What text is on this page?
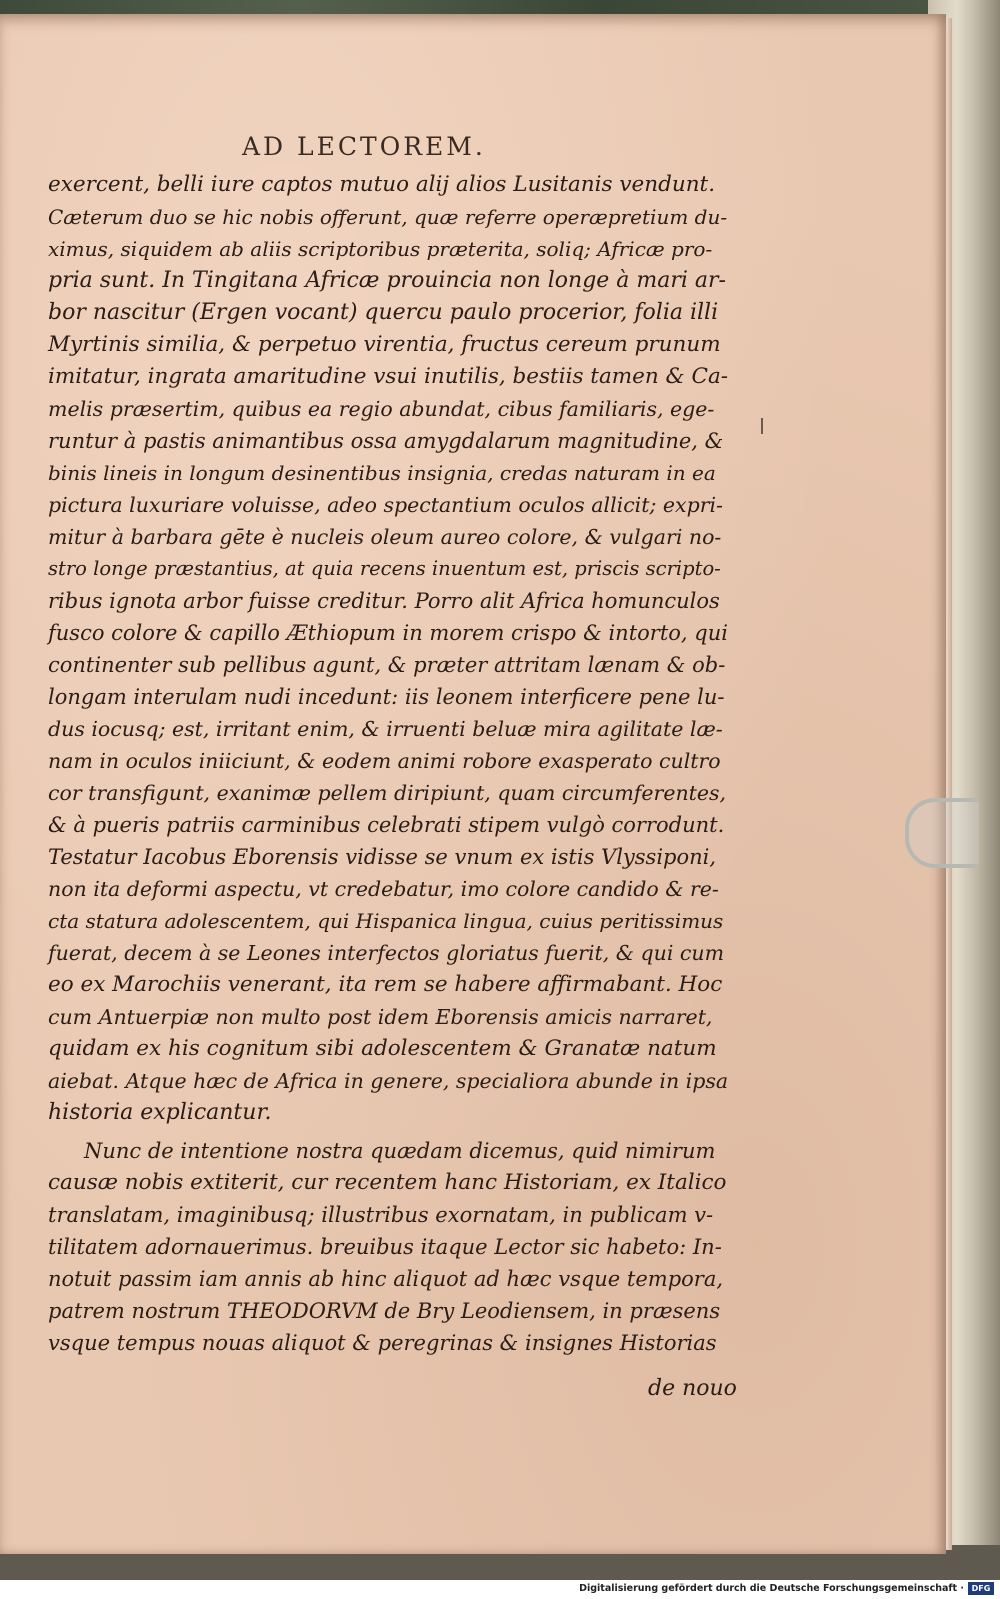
AD LECTOREM.
exercent, belli iure captos mutuo alij alios Lusitanis vendunt.
Cæterum duo se hic nobis offerunt, quæ referre operæpretium du-
ximus, siquidem ab aliis scriptoribus præterita, soliq; Africæ pro-
pria sunt. In Tingitana Africæ prouincia non longe à mari ar-
bor nascitur (Ergen vocant) quercu paulo procerior, folia illi
Myrtinis similia, & perpetuo virentia, fructus cereum prunum
imitatur, ingrata amaritudine vsui inutilis, bestiis tamen & Ca-
melis præsertim, quibus ea regio abundat, cibus familiaris, ege-
runtur à pastis animantibus ossa amygdalarum magnitudine, &
binis lineis in longum desinentibus insignia, credas naturam in ea
pictura luxuriare voluisse, adeo spectantium oculos allicit; expri-
mitur à barbara gēte è nucleis oleum aureo colore, & vulgari no-
stro longe præstantius, at quia recens inuentum est, priscis scripto-
ribus ignota arbor fuisse creditur. Porro alit Africa homunculos
fusco colore & capillo Æthiopum in morem crispo & intorto, qui
continenter sub pellibus agunt, & præter attritam lænam & ob-
longam interulam nudi incedunt: iis leonem interficere pene lu-
dus iocusq; est, irritant enim, & irruenti beluæ mira agilitate læ-
nam in oculos iniiciunt, & eodem animi robore exasperato cultro
cor transfigunt, exanimæ pellem diripiunt, quam circumferentes,
& à pueris patriis carminibus celebrati stipem vulgò corrodunt.
Testatur Iacobus Eborensis vidisse se vnum ex istis Vlyssiponi,
non ita deformi aspectu, vt credebatur, imo colore candido & re-
cta statura adolescentem, qui Hispanica lingua, cuius peritissimus
fuerat, decem à se Leones interfectos gloriatus fuerit, & qui cum
eo ex Marochiis venerant, ita rem se habere affirmabant. Hoc
cum Antuerpiæ non multo post idem Eborensis amicis narraret,
quidam ex his cognitum sibi adolescentem & Granatæ natum
aiebat. Atque hæc de Africa in genere, specialiora abunde in ipsa
historia explicantur.
Nunc de intentione nostra quædam dicemus, quid nimirum
causæ nobis extiterit, cur recentem hanc Historiam, ex Italico
translatam, imaginibusq; illustribus exornatam, in publicam v-
tilitatem adornauerimus. breuibus itaque Lector sic habeto: In-
notuit passim iam annis ab hinc aliquot ad hæc vsque tempora,
patrem nostrum THEODORVM de Bry Leodiensem, in præsens
vsque tempus nouas aliquot & peregrinas & insignes Historias
de nouo
Digitalisierung gefördert durch die Deutsche Forschungsgemeinschaft · DFG
